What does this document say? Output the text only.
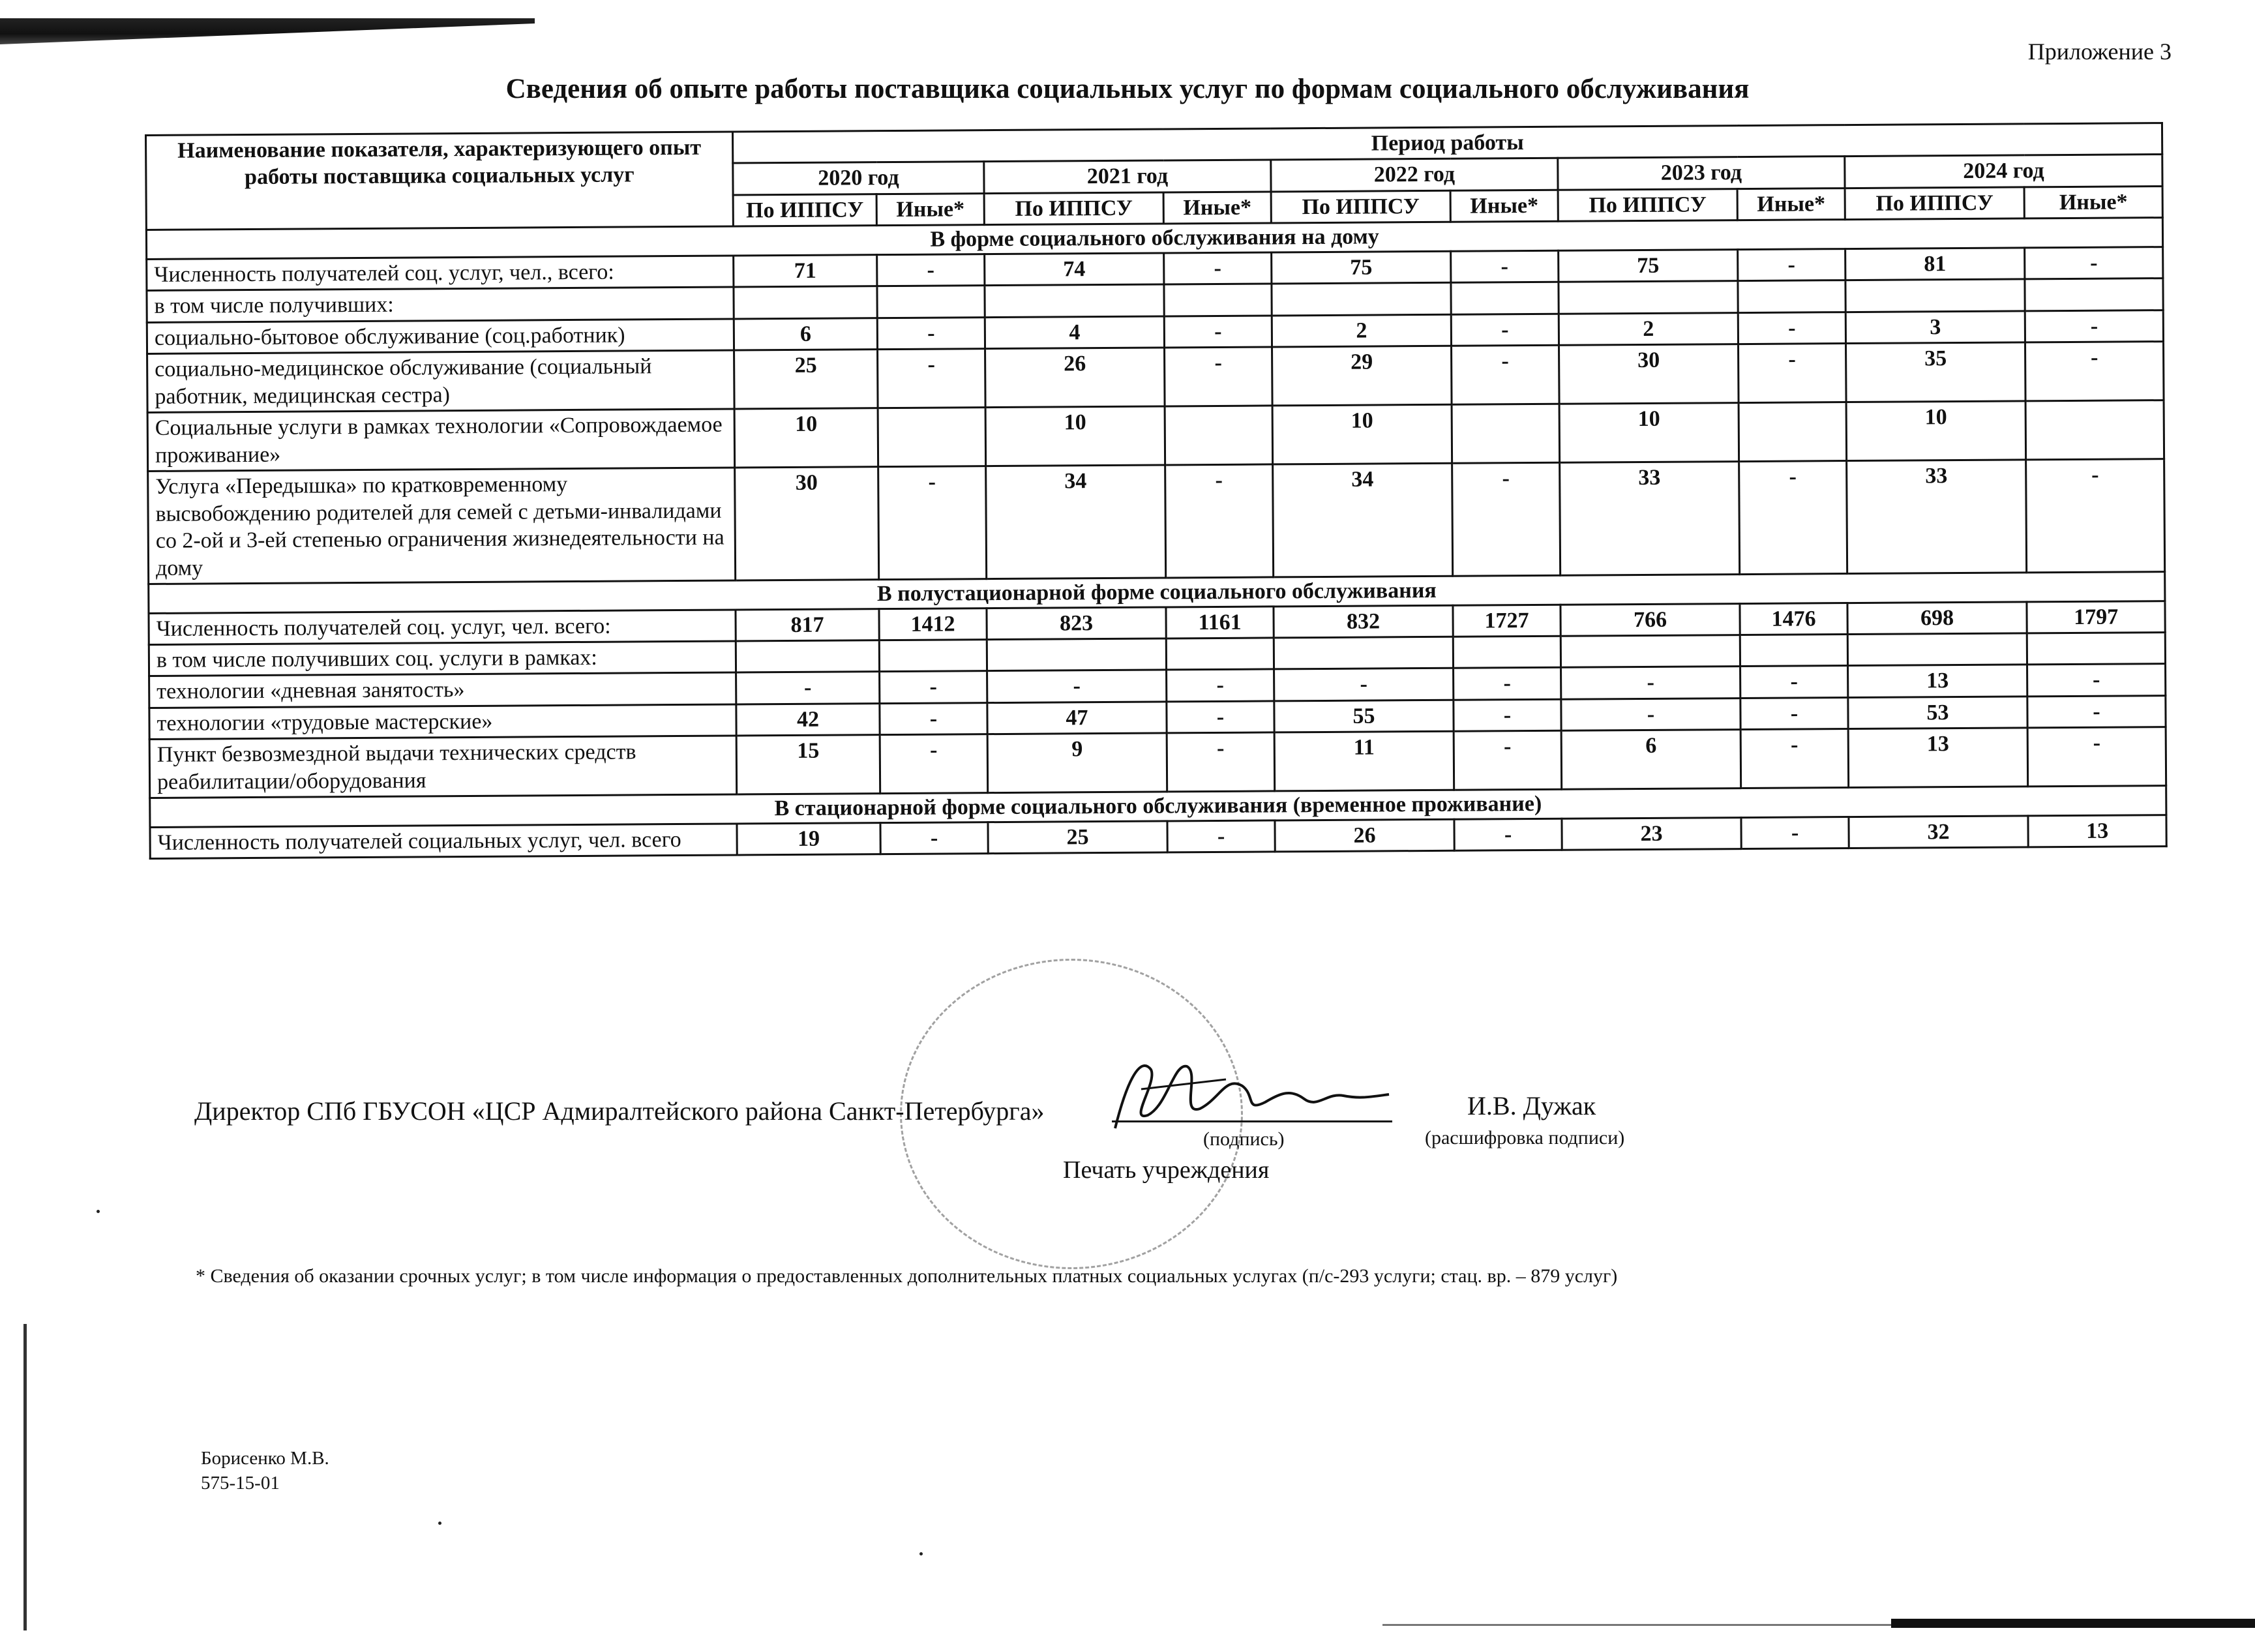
Приложение 3
Сведения об опыте работы поставщика социальных услуг по формам социального обслуживания
Наименование показателя, характеризующего опыт работы поставщика социальных услуг	Период работы									
	2020 год		2021 год		2022 год		2023 год		2024 год	
	По ИППСУ	Иные*	По ИППСУ	Иные*	По ИППСУ	Иные*	По ИППСУ	Иные*	По ИППСУ	Иные*
В форме социального обслуживания на дому										
Численность получателей соц. услуг, чел., всего:	71	-	74	-	75	-	75	-	81	-
в том числе получивших:										
социально-бытовое обслуживание (соц.работник)	6	-	4	-	2	-	2	-	3	-
социально-медицинское обслуживание (социальный работник, медицинская сестра)	25	-	26	-	29	-	30	-	35	-
Социальные услуги в рамках технологии «Сопровождаемое проживание»	10		10		10		10		10	
Услуга «Передышка» по кратковременному высвобождению родителей для семей с детьми-инвалидами со 2-ой и 3-ей степенью ограничения жизнедеятельности на дому	30	-	34	-	34	-	33	-	33	-
В полустационарной форме социального обслуживания										
Численность получателей соц. услуг, чел. всего:	817	1412	823	1161	832	1727	766	1476	698	1797
в том числе получивших соц. услуги в рамках:										
технологии «дневная занятость»	-	-	-	-	-	-	-	-	13	-
технологии «трудовые мастерские»	42	-	47	-	55	-	-	-	53	-
Пункт безвозмездной выдачи технических средств реабилитации/оборудования	15	-	9	-	11	-	6	-	13	-
В стационарной форме социального обслуживания (временное проживание)										
Численность получателей социальных услуг, чел. всего	19	-	25	-	26	-	23	-	32	13
Директор СПб ГБУСОН «ЦСР Адмиралтейского района Санкт-Петербурга»
(подпись)
И.В. Дужак
(расшифровка подписи)
Печать учреждения
* Сведения об оказании срочных услуг; в том числе информация о предоставленных дополнительных платных социальных услугах (п/с-293 услуги; стац. вр. – 879 услуг)
Борисенко М.В.
575-15-01
